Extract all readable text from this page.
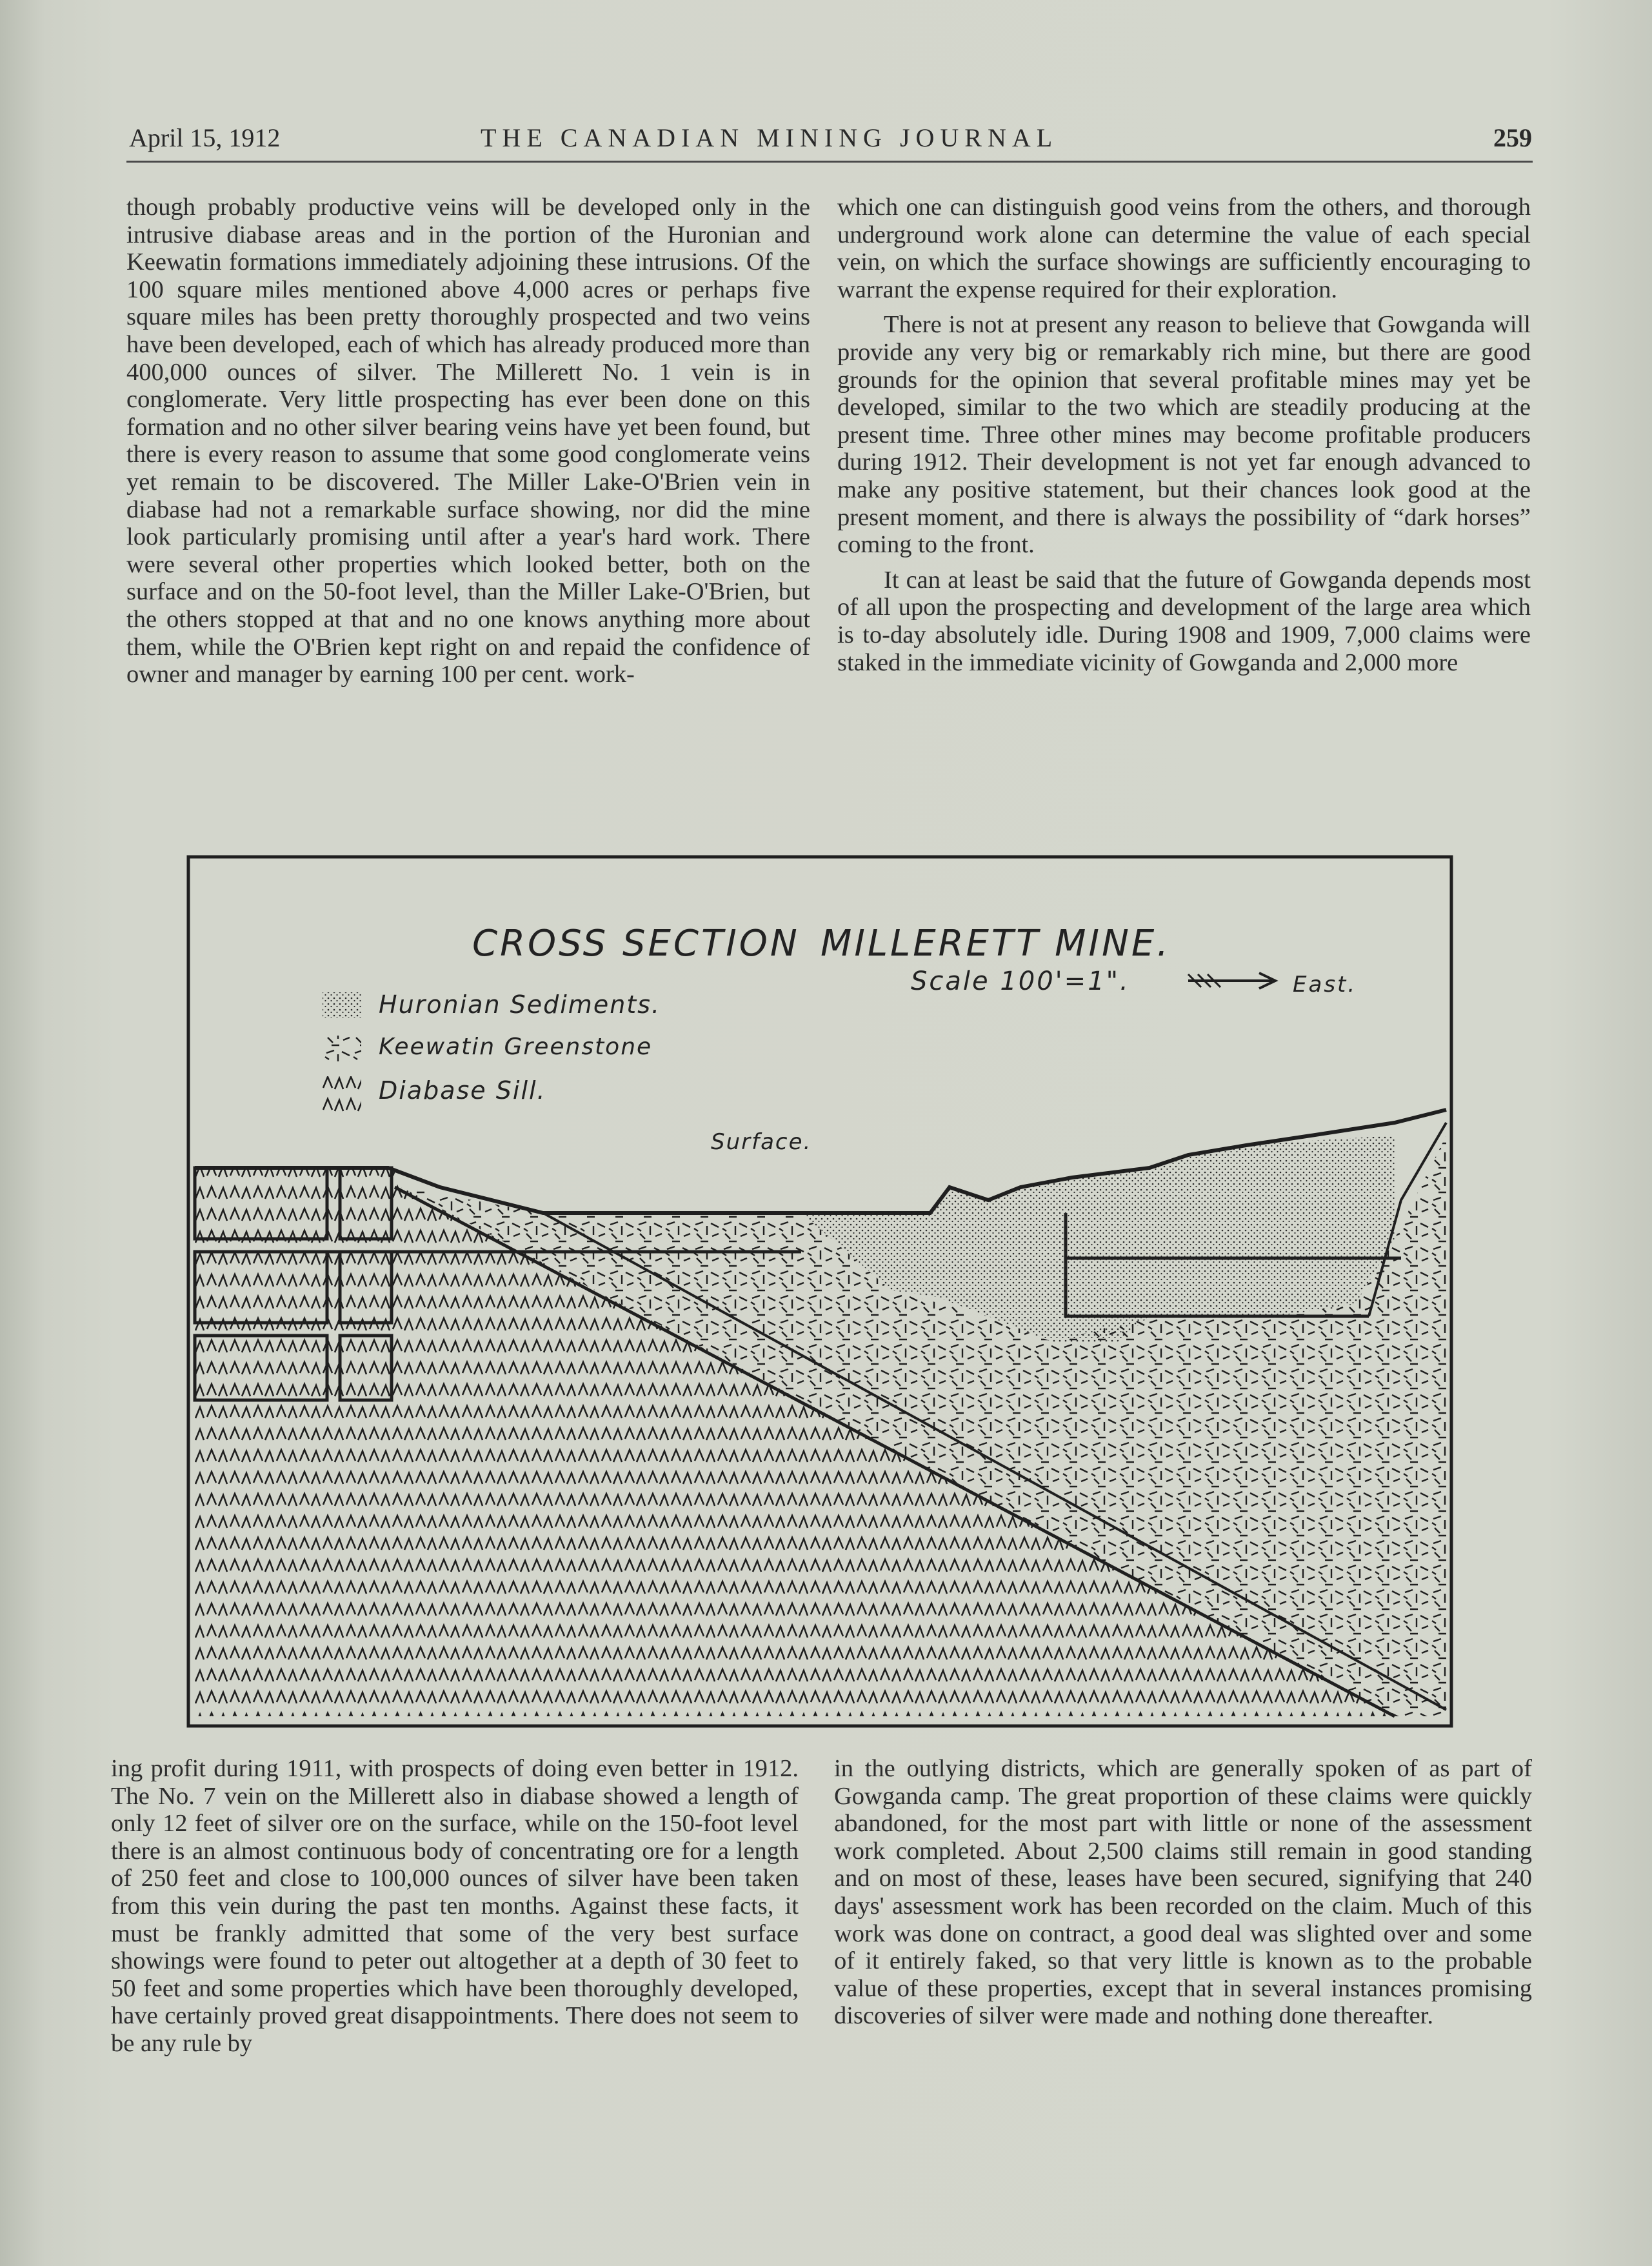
April 15, 1912	THE CANADIAN MINING JOURNAL	259

though probably productive veins will be developed only in the intrusive diabase areas and in the portion of the Huronian and Keewatin formations immediately adjoining these intrusions. Of the 100 square miles mentioned above 4,000 acres or perhaps five square miles has been pretty thoroughly prospected and two veins have been developed, each of which has already produced more than 400,000 ounces of silver. The Millerett No. 1 vein is in conglomerate. Very little prospecting has ever been done on this formation and no other silver bearing veins have yet been found, but there is every reason to assume that some good conglomerate veins yet remain to be discovered. The Miller Lake-O'Brien vein in diabase had not a remarkable surface showing, nor did the mine look particularly promising until after a year's hard work. There were several other properties which looked better, both on the surface and on the 50-foot level, than the Miller Lake-O'Brien, but the others stopped at that and no one knows anything more about them, while the O'Brien kept right on and repaid the confidence of owner and manager by earning 100 per cent. work-

which one can distinguish good veins from the others, and thorough underground work alone can determine the value of each special vein, on which the surface showings are sufficiently encouraging to warrant the expense required for their exploration.

There is not at present any reason to believe that Gowganda will provide any very big or remarkably rich mine, but there are good grounds for the opinion that several profitable mines may yet be developed, similar to the two which are steadily producing at the present time. Three other mines may become profitable producers during 1912. Their development is not yet far enough advanced to make any positive statement, but their chances look good at the present moment, and there is always the possibility of “dark horses” coming to the front.

It can at least be said that the future of Gowganda depends most of all upon the prospecting and development of the large area which is to-day absolutely idle. During 1908 and 1909, 7,000 claims were staked in the immediate vicinity of Gowganda and 2,000 more

CROSS SECTION MILLERETT MINE.
Scale 100'=1".	East.
Huronian Sediments.
Keewatin Greenstone
Diabase Sill.
Surface.

ing profit during 1911, with prospects of doing even better in 1912. The No. 7 vein on the Millerett also in diabase showed a length of only 12 feet of silver ore on the surface, while on the 150-foot level there is an almost continuous body of concentrating ore for a length of 250 feet and close to 100,000 ounces of silver have been taken from this vein during the past ten months. Against these facts, it must be frankly admitted that some of the very best surface showings were found to peter out altogether at a depth of 30 feet to 50 feet and some properties which have been thoroughly developed, have certainly proved great disappointments. There does not seem to be any rule by

in the outlying districts, which are generally spoken of as part of Gowganda camp. The great proportion of these claims were quickly abandoned, for the most part with little or none of the assessment work completed. About 2,500 claims still remain in good standing and on most of these, leases have been secured, signifying that 240 days' assessment work has been recorded on the claim. Much of this work was done on contract, a good deal was slighted over and some of it entirely faked, so that very little is known as to the probable value of these properties, except that in several instances promising discoveries of silver were made and nothing done thereafter.
